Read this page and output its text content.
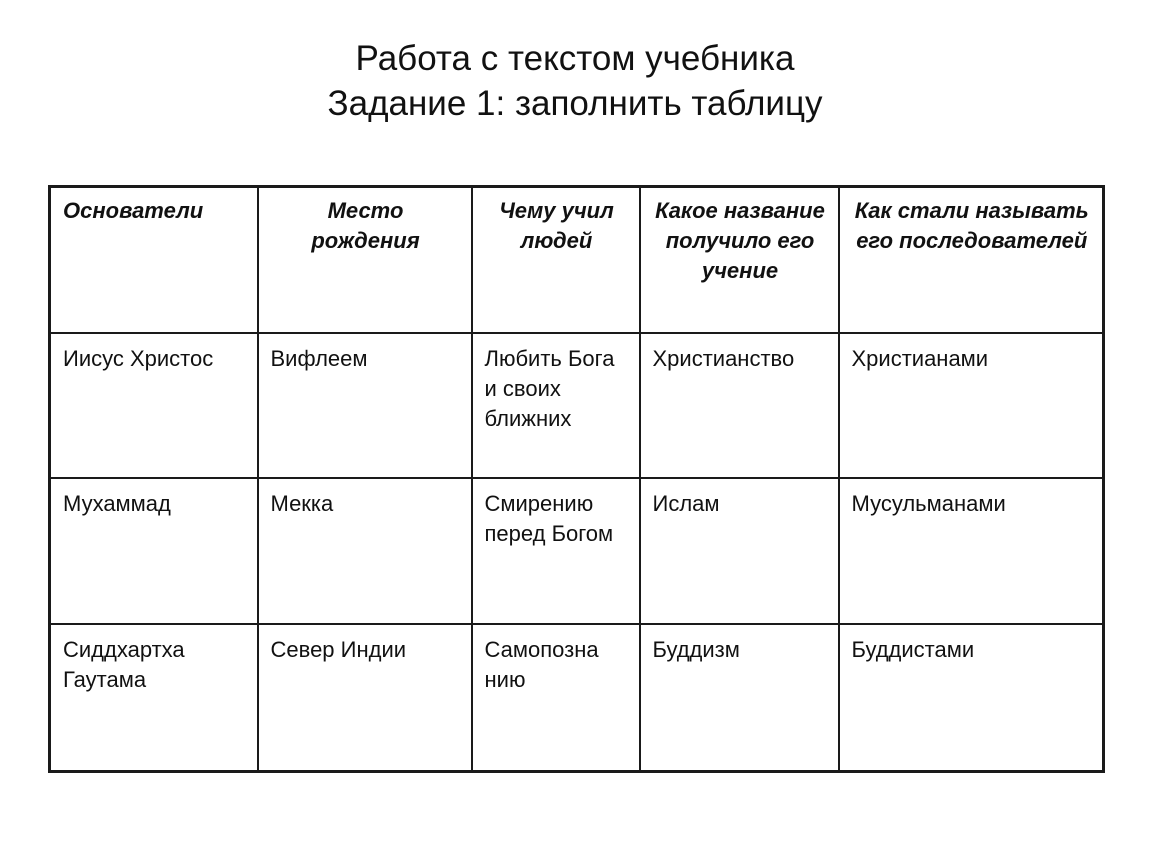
Работа с текстом учебника
Задание 1: заполнить таблицу
Основатели	Место рождения	Чему учил людей	Какое название получило его учение	Как стали называть его последователей
Иисус Христос	Вифлеем	Любить Бога и своих ближних	Христианство	Христианами
Мухаммад	Мекка	Смирению перед Богом	Ислам	Мусульманами
Сиддхартха Гаутама	Север Индии	Самопозна нию	Буддизм	Буддистами
